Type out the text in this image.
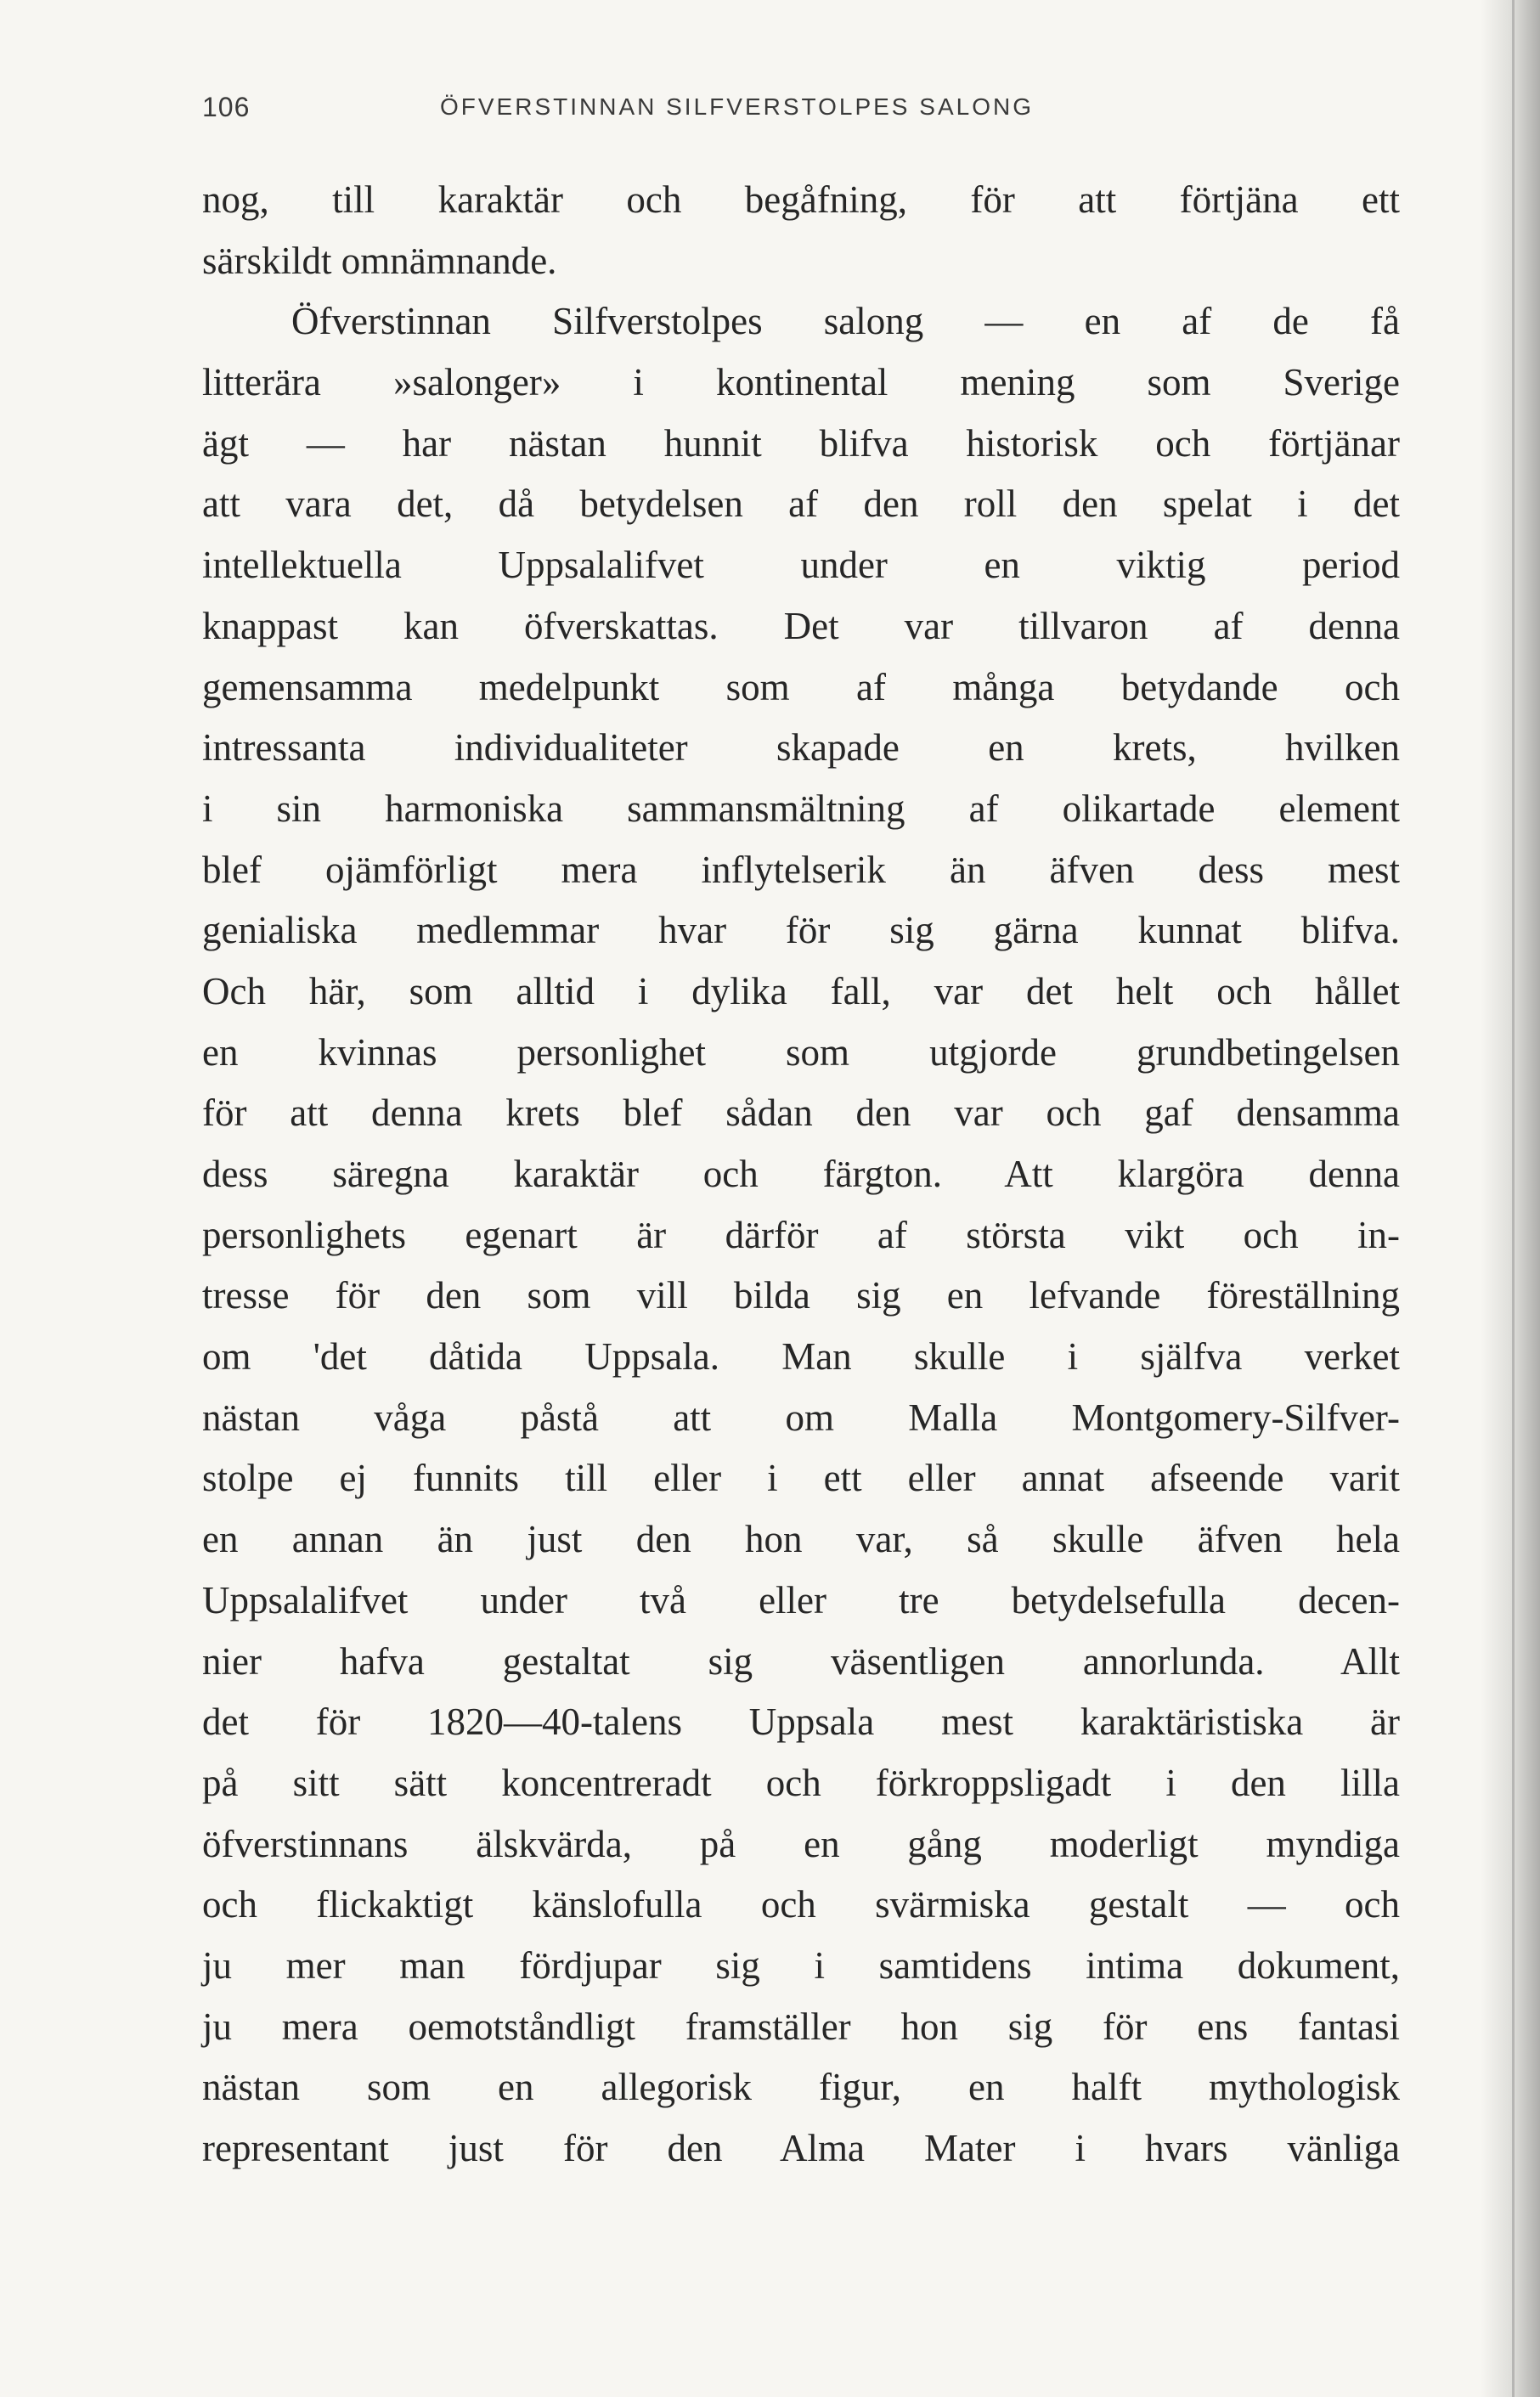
106	ÖFVERSTINNAN SILFVERSTOLPES SALONG
nog, till karaktär och begåfning, för att förtjäna ett
särskildt omnämnande.
Öfverstinnan Silfverstolpes salong — en af de få
litterära »salonger» i kontinental mening som Sverige
ägt — har nästan hunnit blifva historisk och förtjänar
att vara det, då betydelsen af den roll den spelat i det
intellektuella Uppsalalifvet under en viktig period
knappast kan öfverskattas. Det var tillvaron af denna
gemensamma medelpunkt som af många betydande och
intressanta individualiteter skapade en krets, hvilken
i sin harmoniska sammansmältning af olikartade element
blef ojämförligt mera inflytelserik än äfven dess mest
genialiska medlemmar hvar för sig gärna kunnat blifva.
Och här, som alltid i dylika fall, var det helt och hållet
en kvinnas personlighet som utgjorde grundbetingelsen
för att denna krets blef sådan den var och gaf densamma
dess säregna karaktär och färgton. Att klargöra denna
personlighets egenart är därför af största vikt och in-
tresse för den som vill bilda sig en lefvande föreställning
om 'det dåtida Uppsala. Man skulle i själfva verket
nästan våga påstå att om Malla Montgomery-Silfver-
stolpe ej funnits till eller i ett eller annat afseende varit
en annan än just den hon var, så skulle äfven hela
Uppsalalifvet under två eller tre betydelsefulla decen-
nier hafva gestaltat sig väsentligen annorlunda. Allt
det för 1820—40-talens Uppsala mest karaktäristiska är
på sitt sätt koncentreradt och förkroppsligadt i den lilla
öfverstinnans älskvärda, på en gång moderligt myndiga
och flickaktigt känslofulla och svärmiska gestalt — och
ju mer man fördjupar sig i samtidens intima dokument,
ju mera oemotståndligt framställer hon sig för ens fantasi
nästan som en allegorisk figur, en halft mythologisk
representant just för den Alma Mater i hvars vänliga
